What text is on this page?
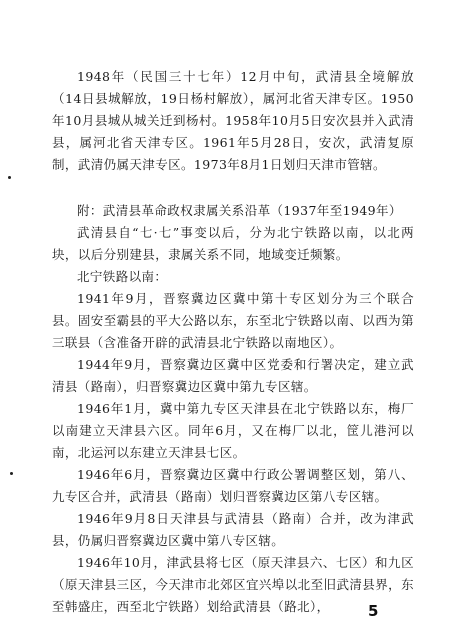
1948年（民国三十七年）12月中旬，武清县全境解放（14日县城解放，19日杨村解放），属河北省天津专区。1950年10月县城从城关迁到杨村。1958年10月5日安次县并入武清县，属河北省天津专区。1961年5月28日，安次，武清复原制，武清仍属天津专区。1973年8月1日划归天津市管辖。

附：武清县革命政权隶属关系沿革（1937年至1949年）

武清县自“七·七”事变以后，分为北宁铁路以南，以北两块，以后分别建县，隶属关系不同，地域变迁频繁。

北宁铁路以南：

1941年9月，晋察冀边区冀中第十专区划分为三个联合县。固安至霸县的平大公路以东，东至北宁铁路以南、以西为第三联县（含准备开辟的武清县北宁铁路以南地区）。

1944年9月，晋察冀边区冀中区党委和行署决定，建立武清县（路南），归晋察冀边区冀中第九专区辖。

1946年1月，冀中第九专区天津县在北宁铁路以东，梅厂以南建立天津县六区。同年6月，又在梅厂以北，筐儿港河以南，北运河以东建立天津县七区。

1946年6月，晋察冀边区冀中行政公署调整区划，第八、九专区合并，武清县（路南）划归晋察冀边区第八专区辖。

1946年9月8日天津县与武清县（路南）合并，改为津武县，仍属归晋察冀边区冀中第八专区辖。

1946年10月，津武县将七区（原天津县六、七区）和九区（原天津县三区，今天津市北郊区宜兴埠以北至旧武清县界，东至韩盛庄，西至北宁铁路）划给武清县（路北），	5
